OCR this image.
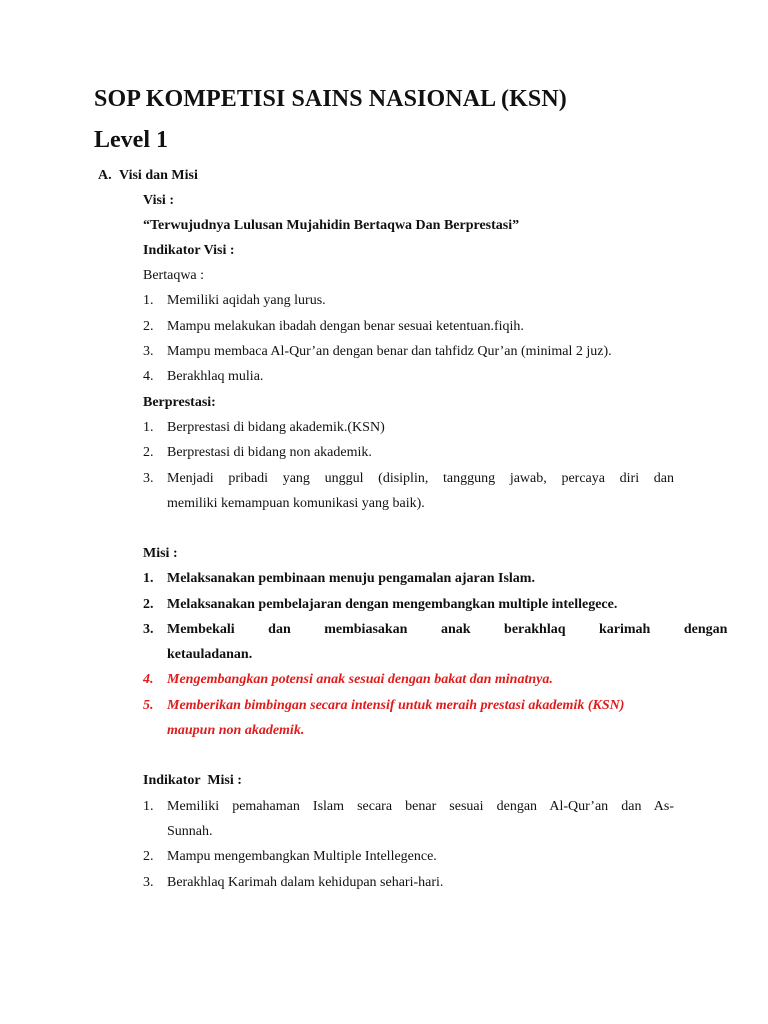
SOP KOMPETISI SAINS NASIONAL (KSN)
Level 1
A. Visi dan Misi
Visi :
“Terwujudnya Lulusan Mujahidin Bertaqwa Dan Berprestasi”
Indikator Visi :
Bertaqwa :
1. Memiliki aqidah yang lurus.
2. Mampu melakukan ibadah dengan benar sesuai ketentuan.fiqih.
3. Mampu membaca Al-Qur’an dengan benar dan tahfidz Qur’an (minimal 2 juz).
4. Berakhlaq mulia.
Berprestasi:
1. Berprestasi di bidang akademik.(KSN)
2. Berprestasi di bidang non akademik.
3. Menjadi pribadi yang unggul (disiplin, tanggung jawab, percaya diri dan
memiliki kemampuan komunikasi yang baik).
Misi :
1. Melaksanakan pembinaan menuju pengamalan ajaran Islam.
2. Melaksanakan pembelajaran dengan mengembangkan multiple intellegece.
3. Membekali dan membiasakan anak berakhlaq karimah dengan
ketauladanan.
4. Mengembangkan potensi anak sesuai dengan bakat dan minatnya.
5. Memberikan bimbingan secara intensif untuk meraih prestasi akademik (KSN)
maupun non akademik.
Indikator  Misi :
1. Memiliki pemahaman Islam secara benar sesuai dengan Al-Qur’an dan As-
Sunnah.
2. Mampu mengembangkan Multiple Intellegence.
3. Berakhlaq Karimah dalam kehidupan sehari-hari.
